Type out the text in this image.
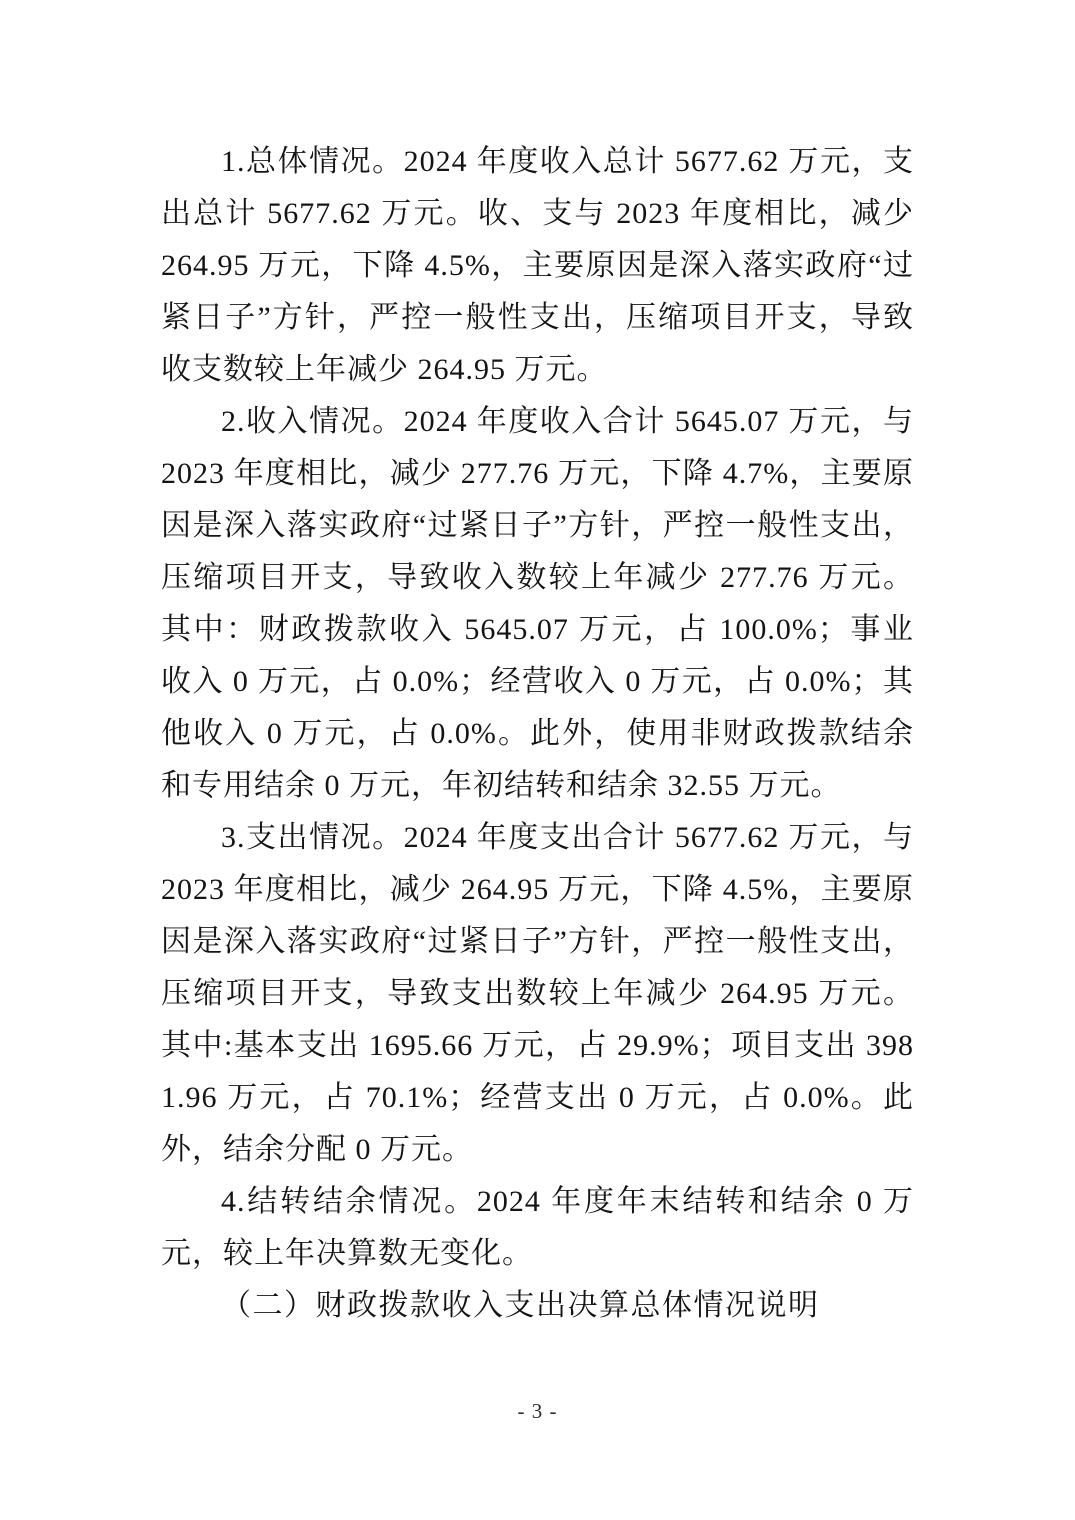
1.总体情况。2024 年度收入总计 5677.62 万元，支出总计 5677.62 万元。收、支与 2023 年度相比，减少 264.95 万元，下降 4.5%，主要原因是深入落实政府“过紧日子”方针，严控一般性支出，压缩项目开支，导致收支数较上年减少 264.95 万元。

2.收入情况。2024 年度收入合计 5645.07 万元，与 2023 年度相比，减少 277.76 万元，下降 4.7%，主要原因是深入落实政府“过紧日子”方针，严控一般性支出，压缩项目开支，导致收入数较上年减少 277.76 万元。其中：财政拨款收入 5645.07 万元，占 100.0%；事业收入 0 万元，占 0.0%；经营收入 0 万元，占 0.0%；其他收入 0 万元，占 0.0%。此外，使用非财政拨款结余和专用结余 0 万元，年初结转和结余 32.55 万元。

3.支出情况。2024 年度支出合计 5677.62 万元，与 2023 年度相比，减少 264.95 万元，下降 4.5%，主要原因是深入落实政府“过紧日子”方针，严控一般性支出，压缩项目开支，导致支出数较上年减少 264.95 万元。其中:基本支出 1695.66 万元，占 29.9%；项目支出 3981.96 万元，占 70.1%；经营支出 0 万元，占 0.0%。此外，结余分配 0 万元。

4.结转结余情况。2024 年度年末结转和结余 0 万元，较上年决算数无变化。

（二）财政拨款收入支出决算总体情况说明

- 3 -
